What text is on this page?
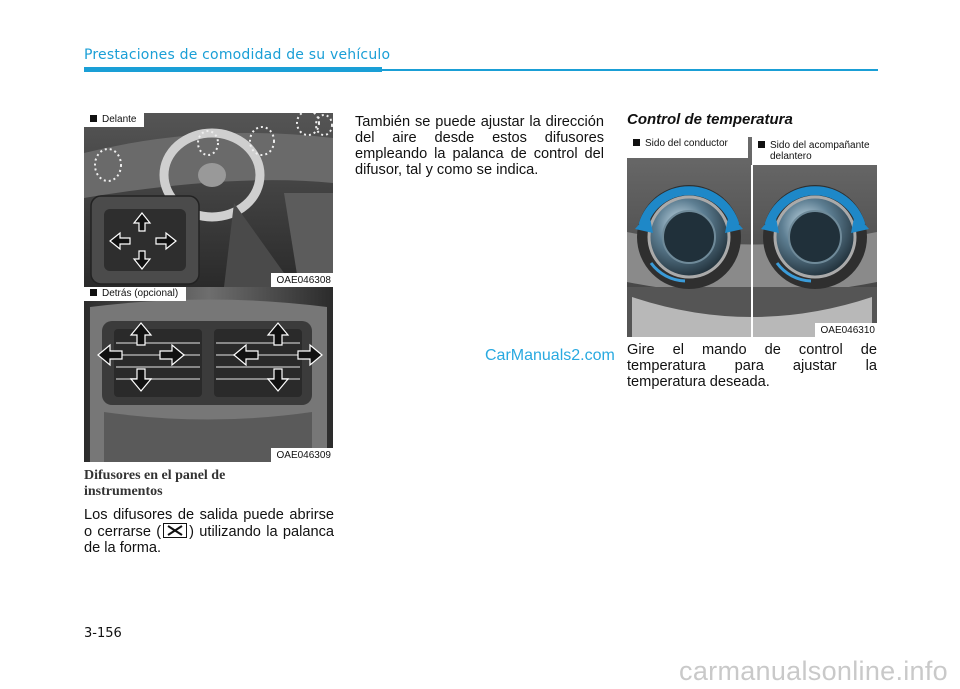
Prestaciones de comodidad de su vehículo
Delante
OAE046308
Detrás (opcional)
OAE046309
Difusores en el panel de
instrumentos
Los difusores de salida puede abrirse o cerrarse ( ) utilizando la palanca de la forma.
También se puede ajustar la dirección del aire desde estos difusores empleando la palanca de control del difusor, tal y como se indica.
CarManuals2.com
Control de temperatura
Sido del conductor	Sido del acompañante
delantero
OAE046310
Gire el mando de control de temperatura para ajustar la temperatura deseada.
3-156
carmanualsonline.info
